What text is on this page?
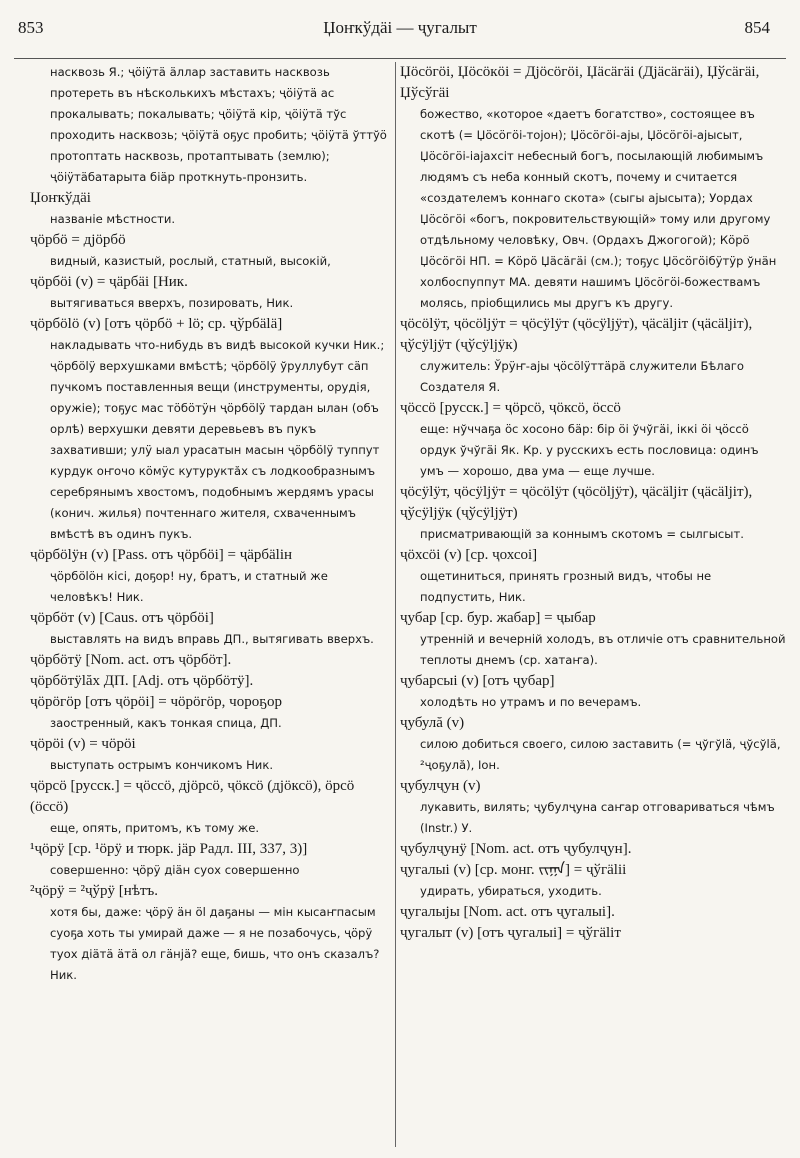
853	Џоҥкўдäі — ҷугалыт	854

насквозь Я.; ҷöiÿтä äллар заставить насквозь протереть въ нѣсколькихъ мѣстахъ; ҷöiÿтä ас прокалывать; покалывать; ҷöiÿтä кір, ҷöiÿтä тўс проходить насквозь; ҷöiÿтä оҕус пробить; ҷöiÿтä ўттўӧ протоптать насквозь, протаптывать (землю); ҷöiÿтäбатарыта біäр проткнуть-пронзить.

Џоҥкўдäі

названіе мѣстности.

ҷöрбö = дјöрбö

видный, казистый, рослый, статный, высокій,

ҷöрбöі (v) = ҷäрбäі [Ник.

вытягиваться вверхъ, позировать, Ник.

ҷöрбölö (v) [отъ ҷöрбö + lö; ср. ҷўрбälä]

накладывать что-нибудь въ видѣ высокой кучки Ник.; ҷöрбölÿ верхушками вмѣстѣ; ҷöрбölÿ ўруллубут сäп пучкомъ поставленныя вещи (инструменты, орудія, оружіе); тоҕус мас тöбöтÿн ҷöрбölÿ тардан ылан (объ орлѣ) верхушки девяти деревьевъ въ пукъ захвативши; улÿ ыал урасатын масын ҷöрбölÿ туппут курдук оҥочо кöмÿс кутуруктăх съ лодкообразнымъ серебрянымъ хвостомъ, подобнымъ жердямъ урасы (конич. жилья) почтеннаго жителя, схваченнымъ вмѣстѣ въ одинъ пукъ.

ҷöрбölÿн (v) [Pass. отъ ҷöрбöі] = ҷäрбälін

ҷöрбölöн кісі, доҕор! ну, братъ, и статный же человѣкъ! Ник.

ҷöрбöт (v) [Caus. отъ ҷöрбöі]

выставлять на видъ вправь ДП., вытягивать вверхъ.

ҷöрбöтÿ [Nom. act. отъ ҷöрбöт].

ҷöрбöтÿlăх ДП. [Adj. отъ ҷöрбöтÿ].

ҷöрöгöр [отъ ҷöрöі] = чöрöгöр, чороҕор

заостренный, какъ тонкая спица, ДП.

ҷöрöі (v) = чöрöі

выступать острымъ кончикомъ Ник.

ҷöрсö [русск.] = ҷöссö, дјöрсö, ҷöксö (дјöксö), öрсö (öссö)

еще, опять, притомъ, къ тому же.

¹ҷöрÿ [ср. ¹öрÿ и тюрк. jäр Радл. III, 337, 3)]

совершенно: ҷöрÿ діäн суох совершенно

²ҷöрÿ = ²ҷўрÿ [нѣтъ.

хотя бы, даже: ҷöрÿ äн öl даҕаны — мін кысаҥпасым суоҕа хоть ты умирай даже — я не позабочусь, ҷöрÿ туох діäтä äтä ол гäнјä? еще, бишь, что онъ сказалъ? Ник.

Џöсöгöі, Џöсöкöі = Дјöсöгöі, Џäсäгäі (Дјäсäгäі), Џўсäгäі, Џўсўгäі

божество, «которое «даетъ богатство», состоящее въ скотѣ (= Џöсöгöі-тојон); Џöсöгöі-ајы, Џöсöгöі-ајысыт, Џöсöгöі-іајахсіт небесный богъ, посылающій любимымъ людямъ съ неба конный скотъ, почему и считается «создателемъ коннаго скота» (сыгы ајысыта); Уордах Џöсöгöі «богъ, покровительствующій» тому или другому отдѣльному человѣку, Овч. (Ордахъ Джогогой); Кöрö Џöсöгöі НП. = Кöрö Џäсäгäі (см.); тоҕус Џöсöгöібÿтÿр ўнäн холбоспуппут МА. девяти нашимъ Џöсöгöі-божествамъ молясь, пріобщились мы другъ къ другу.

ҷöсölÿт, ҷöсölјÿт = ҷöсÿlÿт (ҷöсÿlјÿт), ҷäсälјіт (ҷäсälјіт), ҷўсÿlјÿт (ҷўсÿlјÿк)

служитель: Ўрÿҥ-ајы ҷöсölÿттäрä служители Бѣлаго Создателя Я.

ҷöссö [русск.] = ҷöрсö, ҷöксö, öссö

еще: нўччаҕа öс хосоно бäр: бір öі ўчўгäі, іккі öі ҷöссö ордук ўчўгäі Як. Кр. у русскихъ есть пословица: одинъ умъ — хорошо, два ума — еще лучше.

ҷöсÿlÿт, ҷöсÿlјÿт = ҷöсölÿт (ҷöсölјÿт), ҷäсälјіт (ҷäсälјіт), ҷўсÿlјÿк (ҷўсÿlјÿт)

присматривающій за коннымъ скотомъ = сылгысыт.

ҷöхсöі (v) [ср. ҷохсоі]

ощетиниться, принять грозный видъ, чтобы не подпустить, Ник.

ҷубар [ср. бур. жабар] = ҷыбар

утренній и вечерній холодъ, въ отличіе отъ сравнительной теплоты днемъ (ср. хатаҥа).

ҷубарсыі (v) [отъ ҷубар]

холодѣть но утрамъ и по вечерамъ.

ҷубулă (v)

силою добиться своего, силою заставить (= ҷўгўlä, ҷўсўlä, ²ҷоҕулă), Іон.

ҷубулҷун (v)

лукавить, вилять; ҷубулҷуна саҥар отговариваться чѣмъ (Instr.) У.

ҷубулҷунÿ [Nom. act. отъ ҷубулҷун].

ҷугалыі (v) [ср. монг. ᠵᠢᠭᠠ] = ҷўгälіі

удирать, убираться, уходить.

ҷугалыјы [Nom. act. отъ ҷугалыі].

ҷугалыт (v) [отъ ҷугалыі] = ҷўгälіт
